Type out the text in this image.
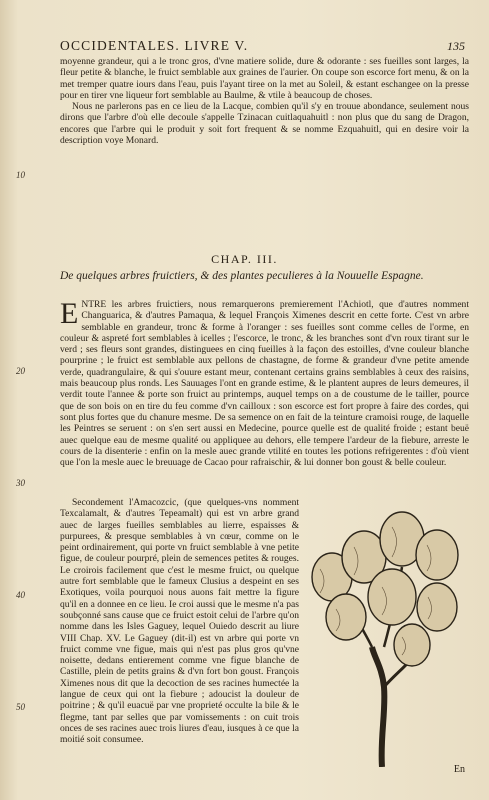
OCCIDENTALES. LIVRE V.	135
10
20
30
40
50

moyenne grandeur, qui a le tronc gros, d'vne matiere solide, dure & odorante : ses fueilles sont larges, la fleur petite & blanche, le fruict semblable aux graines de l'aurier. On coupe son escorce fort menu, & on la met tremper quatre iours dans l'eau, puis l'ayant tiree on la met au Soleil, & estant eschangee on la presse pour en tirer vne liqueur fort semblable au Baulme, & vtile à beaucoup de choses.

Nous ne parlerons pas en ce lieu de la Lacque, combien qu'il s'y en trouue abondance, seulement nous dirons que l'arbre d'où elle decoule s'appelle Tzinacan cuitlaquahuitl : non plus que du sang de Dragon, encores que l'arbre qui le produit y soit fort frequent & se nomme Ezquahuitl, qui en desire voir la description voye Monard.

CHAP. III.
De quelques arbres fruictiers, & des plantes peculieres à la Nouuelle Espagne.

ENTRE les arbres fruictiers, nous remarquerons premierement l'Achiotl, que d'autres nomment Changuarica, & d'autres Pamaqua, & lequel François Ximenes descrit en cette forte. C'est vn arbre semblable en grandeur, tronc & forme à l'oranger : ses fueilles sont comme celles de l'orme, en couleur & aspreté fort semblables à icelles ; l'escorce, le tronc, & les branches sont d'vn roux tirant sur le verd ; ses fleurs sont grandes, distinguees en cinq fueilles à la façon des estoilles, d'vne couleur blanche pourprine ; le fruict est semblable aux pellons de chastagne, de forme & grandeur d'vne petite amende verde, quadrangulaire, & qui s'ouure estant meur, contenant certains grains semblables à ceux des raisins, mais beaucoup plus ronds. Les Sauuages l'ont en grande estime, & le plantent aupres de leurs demeures, il verdit toute l'annee & porte son fruict au printemps, auquel temps on a de coustume de le tailler, pource que de son bois on en tire du feu comme d'vn cailloux : son escorce est fort propre à faire des cordes, qui sont plus fortes que du chanure mesme. De sa semence on en fait de la teinture cramoisi rouge, de laquelle les Peintres se seruent : on s'en sert aussi en Medecine, pource quelle est de qualité froide ; estant beuë auec quelque eau de mesme qualité ou appliquee au dehors, elle tempere l'ardeur de la fiebure, arreste le cours de la disenterie : enfin on la mesle auec grande vtilité en toutes les potions refrigerentes : d'où vient que l'on la mesle auec le breuuage de Cacao pour rafraischir, & lui donner bon goust & belle couleur.

Secondement l'Amacozcic, (que quelques-vns nomment Texcalamalt, & d'autres Tepeamalt) qui est vn arbre grand auec de larges fueilles semblables au lierre, espaisses & purpurees, & presque semblables à vn cœur, comme on le peint ordinairement, qui porte vn fruict semblable à vne petite figue, de couleur pourpré, plein de semences petites & rouges. Le croirois facilement que c'est le mesme fruict, ou quelque autre fort semblable que le fameux Clusius a despeint en ses Exotiques, voila pourquoi nous auons fait mettre la figure qu'il en a donnee en ce lieu. Ie croi aussi que le mesme n'a pas soubçonné sans cause que ce fruict estoit celui de l'arbre qu'on nomme dans les Isles Gaguey, lequel Ouiedo descrit au liure VIII Chap. XV. Le Gaguey (dit-il) est vn arbre qui porte vn fruict comme vne figue, mais qui n'est pas plus gros qu'vne noisette, dedans entierement comme vne figue blanche de Castille, plein de petits grains & d'vn fort bon goust. François Ximenes nous dit que la decoction de ses racines humectée la langue de ceux qui ont la fiebure ; adoucist la douleur de poitrine ; & qu'il euacuë par vne proprieté occulte la bile & le flegme, tant par selles que par vomissements : on cuit trois onces de ses racines auec trois liures d'eau, iusques à ce que la moitié soit consumee.

En
